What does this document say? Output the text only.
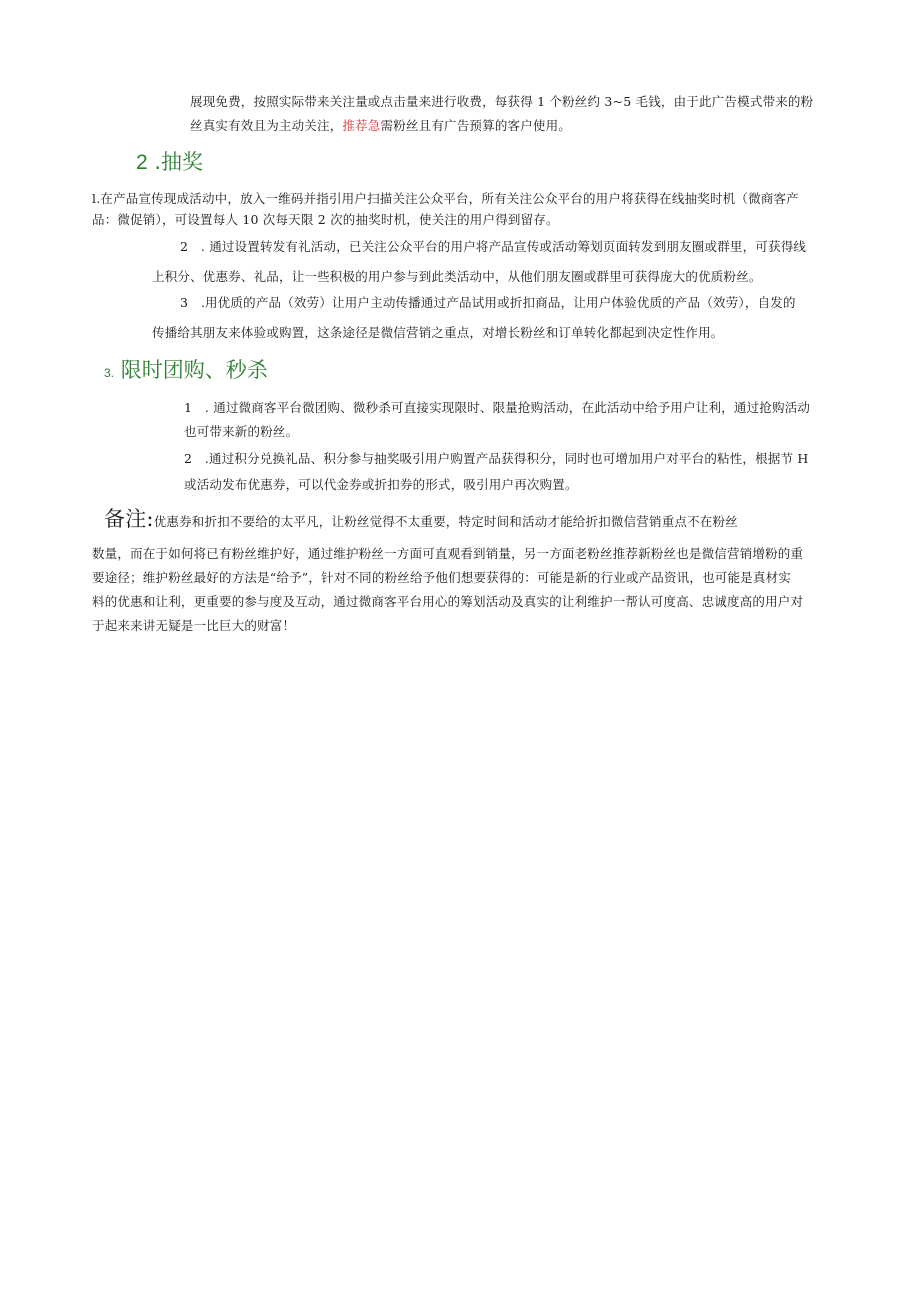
展现免费，按照实际带来关注量或点击量来进行收费，每获得 1 个粉丝约 3~5 毛钱，由于此广告模式带来的粉
丝真实有效且为主动关注，推荐急需粉丝且有广告预算的客户使用。
2 .抽奖
l.在产品宣传现成活动中，放入一维码并指引用户扫描关注公众平台，所有关注公众平台的用户将获得在线抽奖时机（微商客产
品：微促销），可设置每人 10 次每天限 2 次的抽奖时机，使关注的用户得到留存。
2　. 通过设置转发有礼活动，已关注公众平台的用户将产品宣传或活动筹划页面转发到朋友圈或群里，可获得线
上积分、优惠券、礼品，让一些积极的用户参与到此类活动中，从他们朋友圈或群里可获得庞大的优质粉丝。
3　.用优质的产品（效劳）让用户主动传播通过产品试用或折扣商品，让用户体验优质的产品（效劳），自发的
传播给其朋友来体验或购置，这条途径是微信营销之重点，对增长粉丝和订单转化都起到决定性作用。
3. 限时团购、秒杀
1　. 通过微商客平台微团购、微秒杀可直接实现限时、限量抢购活动，在此活动中给予用户让利，通过抢购活动
也可带来新的粉丝。
2　.通过积分兑换礼品、积分参与抽奖吸引用户购置产品获得积分，同时也可增加用户对平台的粘性，根据节 H
或活动发布优惠券，可以代金券或折扣券的形式，吸引用户再次购置。
备注:优惠券和折扣不要给的太平凡，让粉丝觉得不太重要，特定时间和活动才能给折扣微信营销重点不在粉丝
数量，而在于如何将已有粉丝维护好，通过维护粉丝一方面可直观看到销量，另一方面老粉丝推荐新粉丝也是微信营销增粉的重
要途径；维护粉丝最好的方法是“给予”，针对不同的粉丝给予他们想要获得的：可能是新的行业或产品资讯，也可能是真材实
料的优惠和让利，更重要的参与度及互动，通过微商客平台用心的筹划活动及真实的让利维护一帮认可度高、忠诚度高的用户对
于起来来讲无疑是一比巨大的财富！
